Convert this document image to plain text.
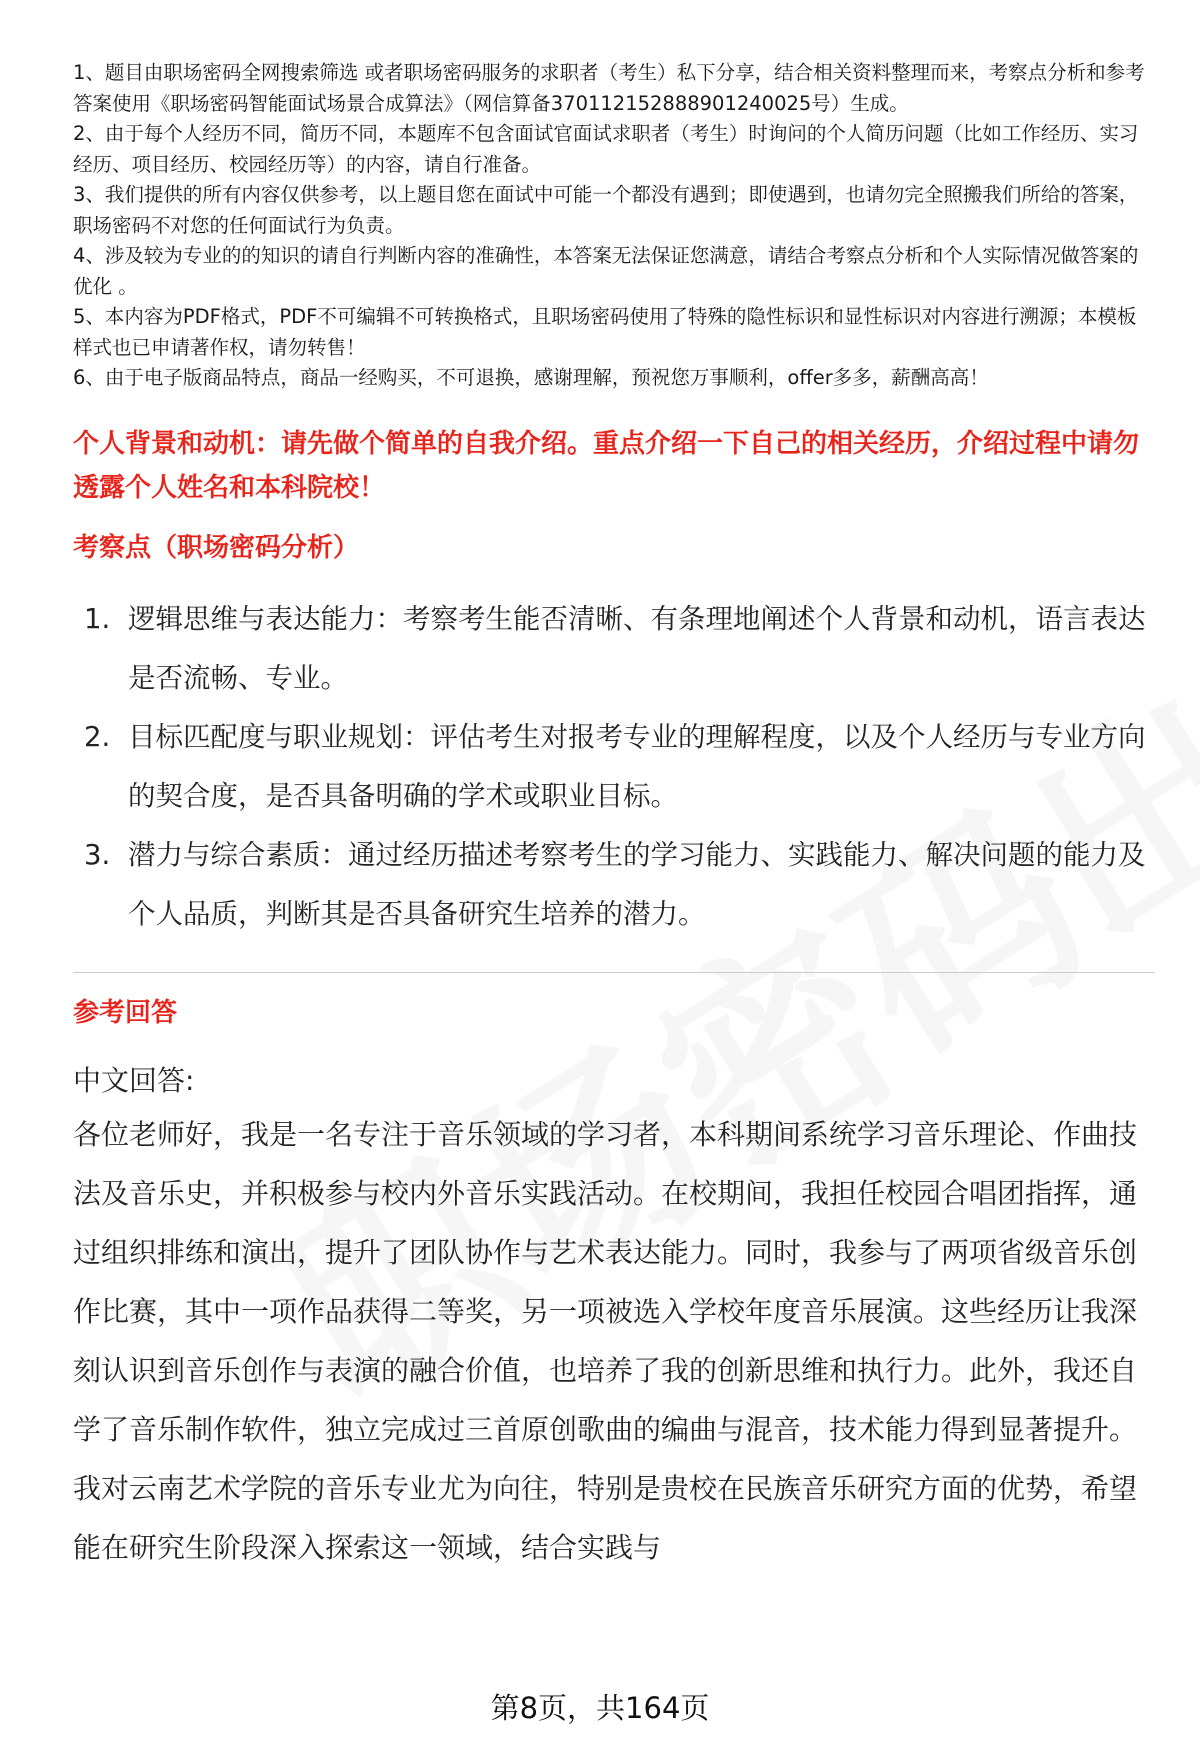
1、题目由职场密码全网搜索筛选 或者职场密码服务的求职者（考生）私下分享，结合相关资料整理而来，考察点分析和参考答案使用《职场密码智能面试场景合成算法》（网信算备370112152888901240025号）生成。

2、由于每个人经历不同，简历不同，本题库不包含面试官面试求职者（考生）时询问的个人简历问题（比如工作经历、实习经历、项目经历、校园经历等）的内容，请自行准备。

3、我们提供的所有内容仅供参考，以上题目您在面试中可能一个都没有遇到；即使遇到，也请勿完全照搬我们所给的答案，职场密码不对您的任何面试行为负责。

4、涉及较为专业的的知识的请自行判断内容的准确性，本答案无法保证您满意，请结合考察点分析和个人实际情况做答案的优化 。

5、本内容为PDF格式，PDF不可编辑不可转换格式，且职场密码使用了特殊的隐性标识和显性标识对内容进行溯源；本模板样式也已申请著作权，请勿转售！

6、由于电子版商品特点，商品一经购买，不可退换，感谢理解，预祝您万事顺利，offer多多，薪酬高高！

个人背景和动机：请先做个简单的自我介绍。重点介绍一下自己的相关经历，介绍过程中请勿透露个人姓名和本科院校！
考察点（职场密码分析）
1. 逻辑思维与表达能力：考察考生能否清晰、有条理地阐述个人背景和动机，语言表达是否流畅、专业。
2. 目标匹配度与职业规划：评估考生对报考专业的理解程度，以及个人经历与专业方向的契合度，是否具备明确的学术或职业目标。
3. 潜力与综合素质：通过经历描述考察考生的学习能力、实践能力、解决问题的能力及个人品质，判断其是否具备研究生培养的潜力。
参考回答
中文回答:
各位老师好，我是一名专注于音乐领域的学习者，本科期间系统学习音乐理论、作曲技法及音乐史，并积极参与校内外音乐实践活动。在校期间，我担任校园合唱团指挥，通过组织排练和演出，提升了团队协作与艺术表达能力。同时，我参与了两项省级音乐创作比赛，其中一项作品获得二等奖，另一项被选入学校年度音乐展演。这些经历让我深刻认识到音乐创作与表演的融合价值，也培养了我的创新思维和执行力。此外，我还自学了音乐制作软件，独立完成过三首原创歌曲的编曲与混音，技术能力得到显著提升。我对云南艺术学院的音乐专业尤为向往，特别是贵校在民族音乐研究方面的优势，希望能在研究生阶段深入探索这一领域，结合实践与
第8页，共164页
